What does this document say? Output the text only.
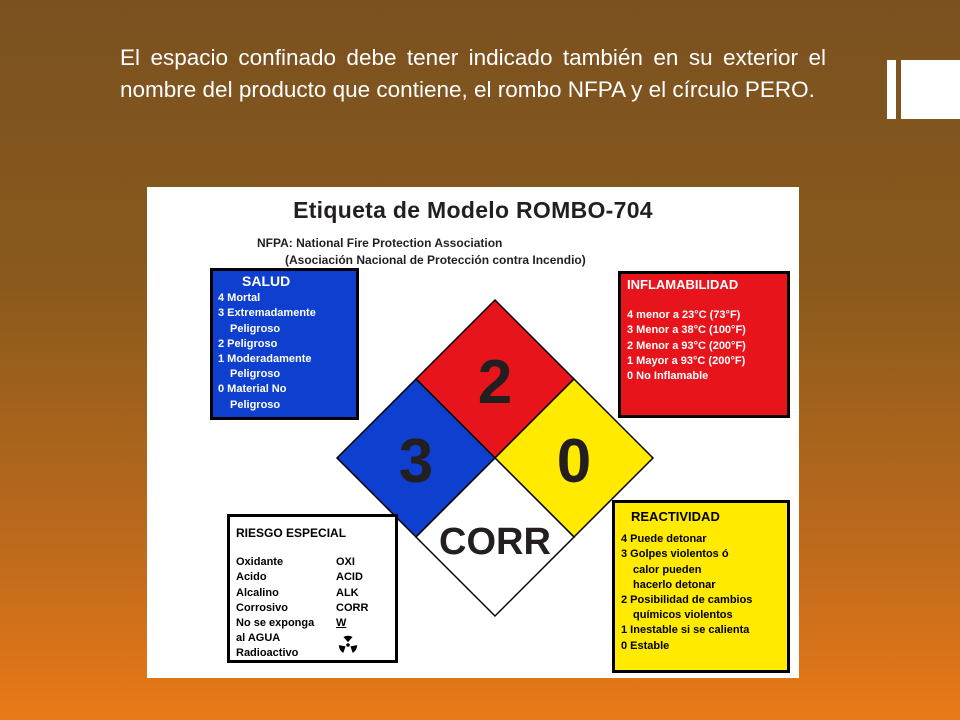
El espacio confinado debe tener indicado también en su exterior el nombre del producto que contiene, el rombo NFPA y el círculo PERO.
Etiqueta de Modelo ROMBO-704
NFPA: National Fire Protection Association
(Asociación Nacional de Protección contra Incendio)
2
3 0
CORR
SALUD
4 Mortal
3 Extremadamente
Peligroso
2 Peligroso
1 Moderadamente
Peligroso
0 Material No
Peligroso
INFLAMABILIDAD
4 menor a 23°C (73°F)
3 Menor a 38°C (100°F)
2 Menor a 93°C (200°F)
1 Mayor a 93°C (200°F)
0 No Inflamable
REACTIVIDAD
4 Puede detonar
3 Golpes violentos ó
calor pueden
hacerlo detonar
2 Posibilidad de cambios
químicos violentos
1 Inestable si se calienta
0 Estable
RIESGO ESPECIAL
Oxidante	OXI
Acido	ACID
Alcalino	ALK
Corrosivo	CORR
No se exponga	W
al AGUA
Radioactivo
